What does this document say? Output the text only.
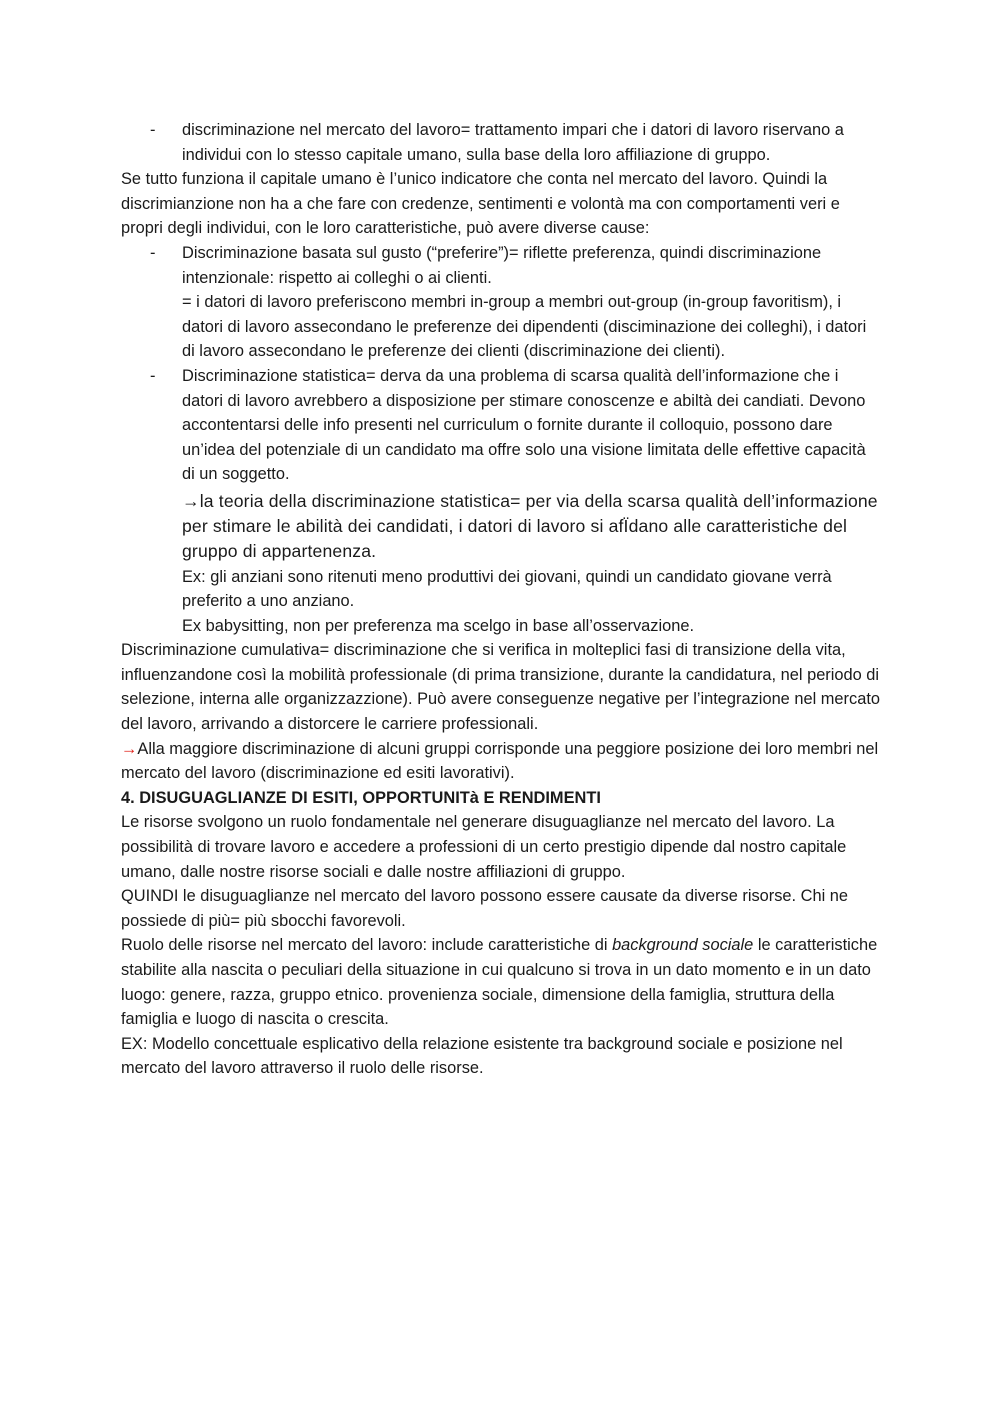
- discriminazione nel mercato del lavoro= trattamento impari che i datori di lavoro riservano a individui con lo stesso capitale umano, sulla base della loro affiliazione di gruppo.

Se tutto funziona il capitale umano è l’unico indicatore che conta nel mercato del lavoro. Quindi la discrimianzione non ha a che fare con credenze, sentimenti e volontà ma con comportamenti veri e propri degli individui, con le loro caratteristiche, può avere diverse cause:

- Discriminazione basata sul gusto (“preferire”)= riflette preferenza, quindi discriminazione intenzionale: rispetto ai colleghi o ai clienti.

= i datori di lavoro preferiscono membri in-group a membri out-group (in-group favoritism), i datori di lavoro assecondano le preferenze dei dipendenti (disciminazione dei colleghi), i datori di lavoro assecondano le preferenze dei clienti (discriminazione dei clienti).

- Discriminazione statistica= derva da una problema di scarsa qualità dell’informazione che i datori di lavoro avrebbero a disposizione per stimare conoscenze e abiltà dei candiati. Devono accontentarsi delle info presenti nel curriculum o fornite durante il colloquio, possono dare un’idea del potenziale di un candidato ma offre solo una visione limitata delle effettive capacità di un soggetto.

→la teoria della discriminazione statistica= per via della scarsa qualità dell’informazione per stimare le abilità dei candidati, i datori di lavoro si afÏdano alle caratteristiche del gruppo di appartenenza.

Ex: gli anziani sono ritenuti meno produttivi dei giovani, quindi un candidato giovane verrà preferito a uno anziano.

Ex babysitting, non per preferenza ma scelgo in base all’osservazione.

Discriminazione cumulativa= discriminazione che si verifica in molteplici fasi di transizione della vita, influenzandone così la mobilità professionale (di prima transizione, durante la candidatura, nel periodo di selezione, interna alle organizzazzione). Può avere conseguenze negative per l’integrazione nel mercato del lavoro, arrivando a distorcere le carriere professionali.

→Alla maggiore discriminazione di alcuni gruppi corrisponde una peggiore posizione dei loro membri nel mercato del lavoro (discriminazione ed esiti lavorativi).

4. DISUGUAGLIANZE DI ESITI, OPPORTUNITà E RENDIMENTI

Le risorse svolgono un ruolo fondamentale nel generare disuguaglianze nel mercato del lavoro. La possibilità di trovare lavoro e accedere a professioni di un certo prestigio dipende dal nostro capitale umano, dalle nostre risorse sociali e dalle nostre affiliazioni di gruppo.

QUINDI le disuguaglianze nel mercato del lavoro possono essere causate da diverse risorse. Chi ne possiede di più= più sbocchi favorevoli.

Ruolo delle risorse nel mercato del lavoro: include caratteristiche di background sociale le caratteristiche stabilite alla nascita o peculiari della situazione in cui qualcuno si trova in un dato momento e in un dato luogo: genere, razza, gruppo etnico. provenienza sociale, dimensione della famiglia, struttura della famiglia e luogo di nascita o crescita.

EX: Modello concettuale esplicativo della relazione esistente tra background sociale e posizione nel mercato del lavoro attraverso il ruolo delle risorse.
